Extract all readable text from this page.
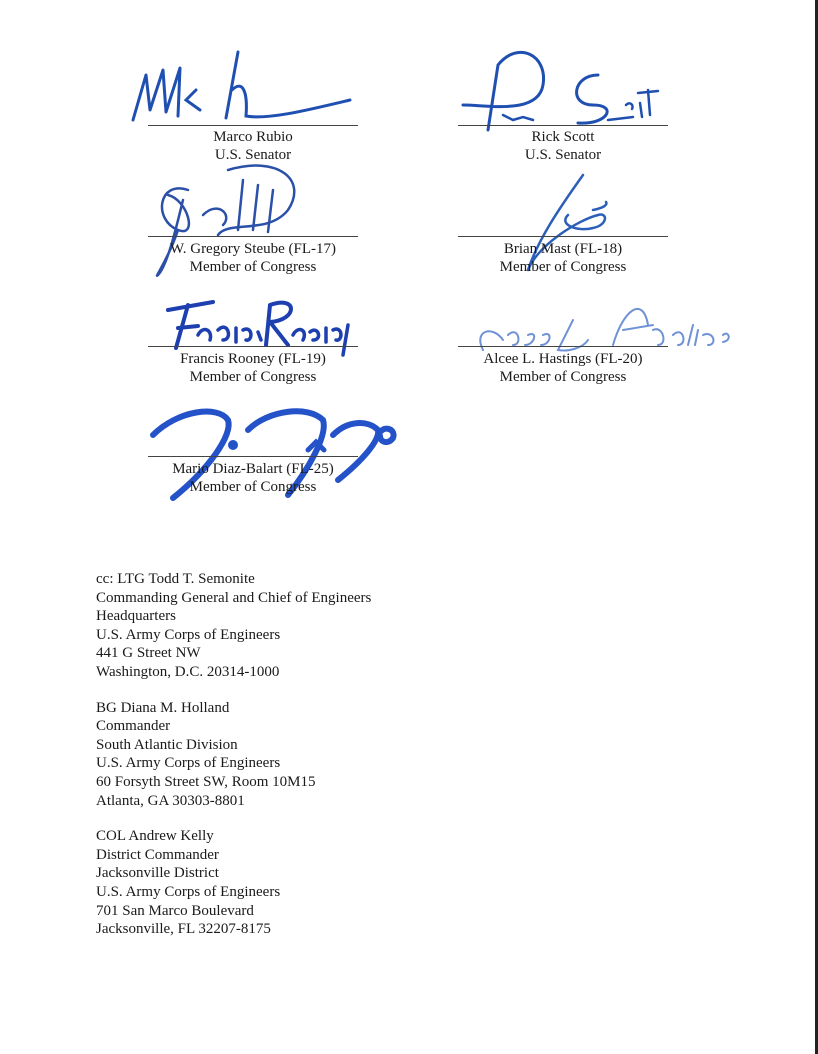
Marco Rubio
U.S. Senator
Rick Scott
U.S. Senator
W. Gregory Steube (FL-17)
Member of Congress
Brian Mast (FL-18)
Member of Congress
Francis Rooney (FL-19)
Member of Congress
Alcee L. Hastings (FL-20)
Member of Congress
Mario Diaz-Balart (FL-25)
Member of Congress
cc: LTG Todd T. Semonite
Commanding General and Chief of Engineers
Headquarters
U.S. Army Corps of Engineers
441 G Street NW
Washington, D.C. 20314-1000
BG Diana M. Holland
Commander
South Atlantic Division
U.S. Army Corps of Engineers
60 Forsyth Street SW, Room 10M15
Atlanta, GA 30303-8801
COL Andrew Kelly
District Commander
Jacksonville District
U.S. Army Corps of Engineers
701 San Marco Boulevard
Jacksonville, FL 32207-8175
